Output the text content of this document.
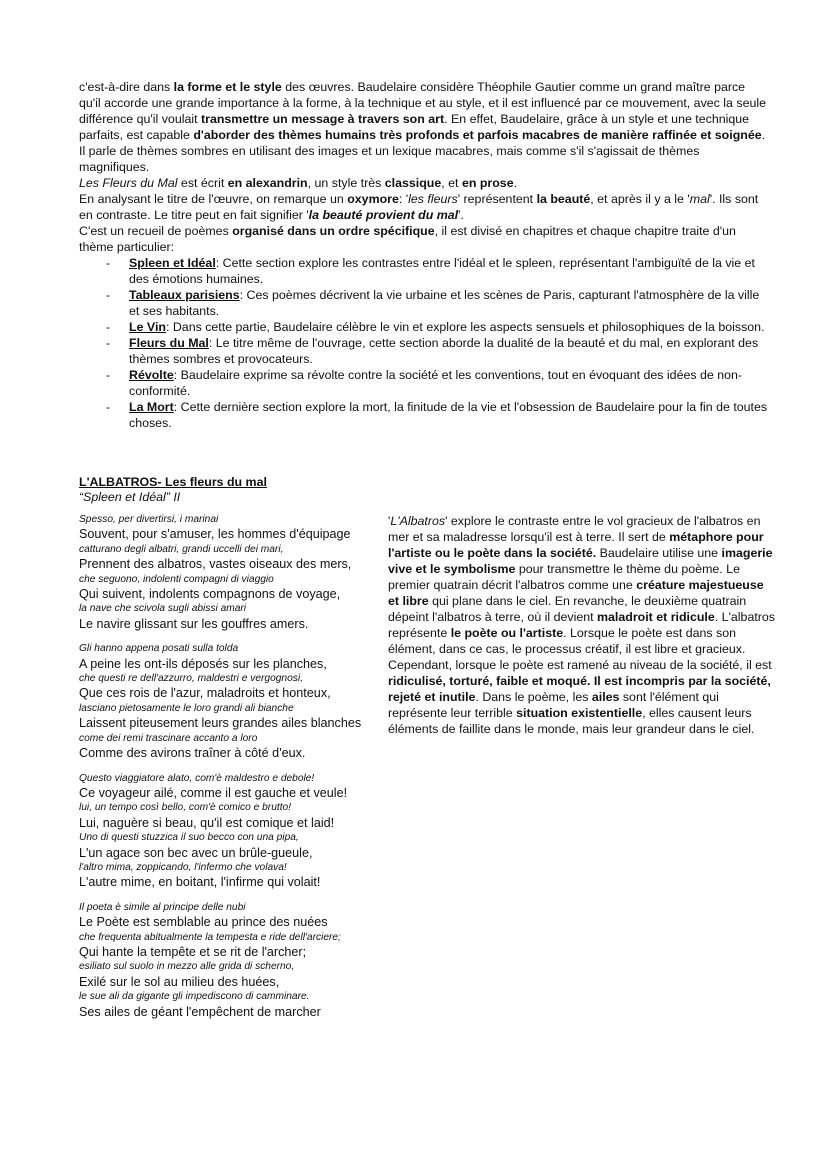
c'est-à-dire dans la forme et le style des œuvres. Baudelaire considère Théophile Gautier comme un grand maître parce qu'il accorde une grande importance à la forme, à la technique et au style, et il est influencé par ce mouvement, avec la seule différence qu'il voulait transmettre un message à travers son art. En effet, Baudelaire, grâce à un style et une technique parfaits, est capable d'aborder des thèmes humains très profonds et parfois macabres de manière raffinée et soignée. Il parle de thèmes sombres en utilisant des images et un lexique macabres, mais comme s'il s'agissait de thèmes magnifiques.

Les Fleurs du Mal est écrit en alexandrin, un style très classique, et en prose.

En analysant le titre de l'œuvre, on remarque un oxymore: 'les fleurs' représentent la beauté, et après il y a le 'mal'. Ils sont en contraste. Le titre peut en fait signifier 'la beauté provient du mal'.

C'est un recueil de poèmes organisé dans un ordre spécifique, il est divisé en chapitres et chaque chapitre traite d'un thème particulier:

- Spleen et Idéal: Cette section explore les contrastes entre l'idéal et le spleen, représentant l'ambiguïté de la vie et des émotions humaines.
- Tableaux parisiens: Ces poèmes décrivent la vie urbaine et les scènes de Paris, capturant l'atmosphère de la ville et ses habitants.
- Le Vin: Dans cette partie, Baudelaire célèbre le vin et explore les aspects sensuels et philosophiques de la boisson.
- Fleurs du Mal: Le titre même de l'ouvrage, cette section aborde la dualité de la beauté et du mal, en explorant des thèmes sombres et provocateurs.
- Révolte: Baudelaire exprime sa révolte contre la société et les conventions, tout en évoquant des idées de non-conformité.
- La Mort: Cette dernière section explore la mort, la finitude de la vie et l'obsession de Baudelaire pour la fin de toutes choses.
L'ALBATROS- Les fleurs du mal
“Spleen et Idéal” II
Spesso, per divertirsi, i marinai
Souvent, pour s'amuser, les hommes d'équipage
catturano degli albatri, grandi uccelli dei mari,
Prennent des albatros, vastes oiseaux des mers,
che seguono, indolenti compagni di viaggio
Qui suivent, indolents compagnons de voyage,
la nave che scivola sugli abissi amari
Le navire glissant sur les gouffres amers.
Gli hanno appena posati sulla tolda
A peine les ont-ils déposés sur les planches,
che questi re dell'azzurro, maldestri e vergognosi,
Que ces rois de l'azur, maladroits et honteux,
lasciano pietosamente le loro grandi ali bianche
Laissent piteusement leurs grandes ailes blanches
come dei remi trascinare accanto a loro
Comme des avirons traîner à côté d'eux.
Questo viaggiatore alato, com'è maldestro e debole!
Ce voyageur ailé, comme il est gauche et veule!
lui, un tempo così bello, com'è comico e brutto!
Lui, naguère si beau, qu'il est comique et laid!
Uno di questi stuzzica il suo becco con una pipa,
L'un agace son bec avec un brûle-gueule,
l'altro mima, zoppicando, l'infermo che volava!
L'autre mime, en boitant, l'infirme qui volait!
Il poeta è simile al principe delle nubi
Le Poète est semblable au prince des nuées
che frequenta abitualmente la tempesta e ride dell'arciere;
Qui hante la tempête et se rit de l'archer;
esiliato sul suolo in mezzo alle grida di scherno,
Exilé sur le sol au milieu des huées,
le sue ali da gigante gli impediscono di camminare.
Ses ailes de géant l'empêchent de marcher

'L'Albatros' explore le contraste entre le vol gracieux de l'albatros en mer et sa maladresse lorsqu'il est à terre. Il sert de métaphore pour l'artiste ou le poète dans la société. Baudelaire utilise une imagerie vive et le symbolisme pour transmettre le thème du poème. Le premier quatrain décrit l'albatros comme une créature majestueuse et libre qui plane dans le ciel. En revanche, le deuxième quatrain dépeint l'albatros à terre, où il devient maladroit et ridicule. L'albatros représente le poète ou l'artiste. Lorsque le poète est dans son élément, dans ce cas, le processus créatif, il est libre et gracieux. Cependant, lorsque le poète est ramené au niveau de la société, il est ridiculisé, torturé, faible et moqué. Il est incompris par la société, rejeté et inutile. Dans le poème, les ailes sont l'élément qui représente leur terrible situation existentielle, elles causent leurs éléments de faillite dans le monde, mais leur grandeur dans le ciel.
